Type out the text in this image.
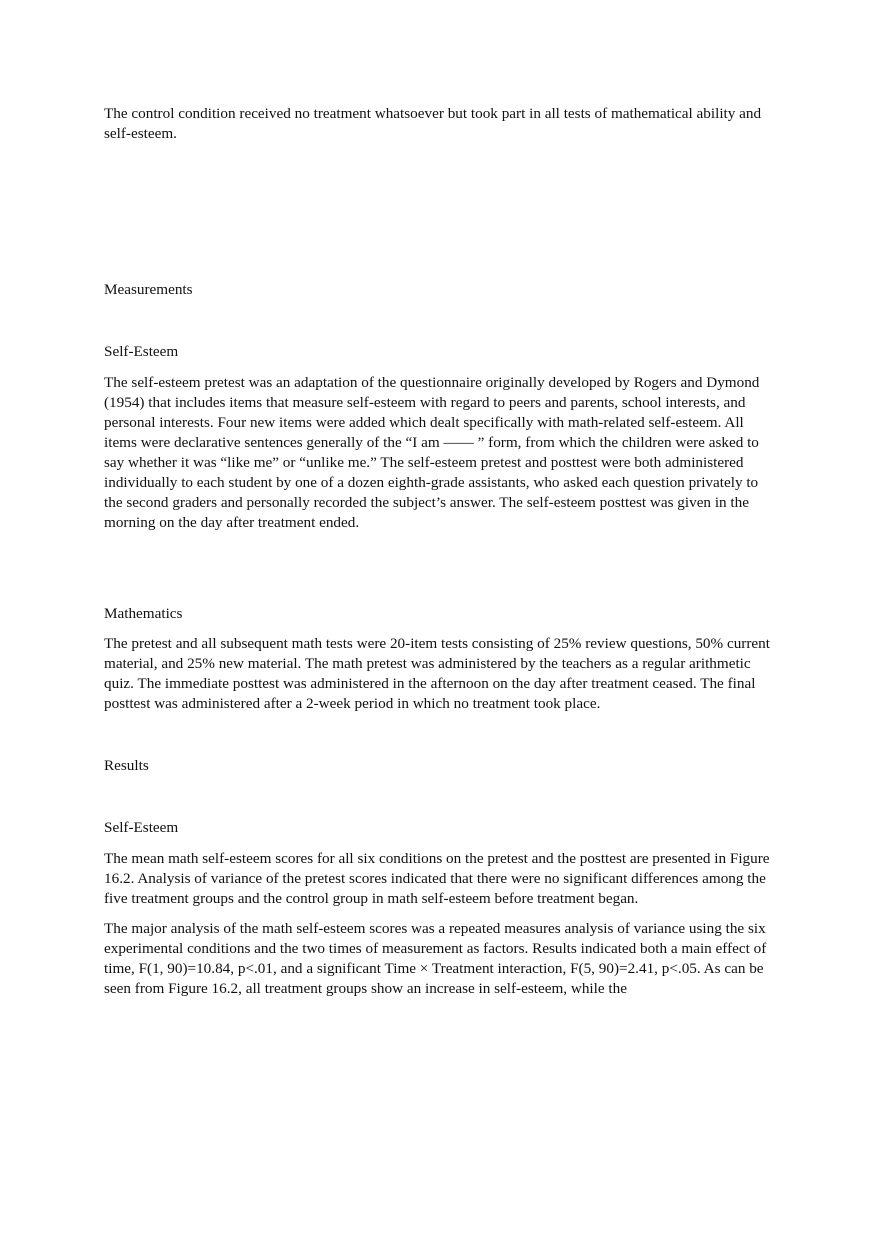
The control condition received no treatment whatsoever but took part in all tests of mathematical ability and self-esteem.

Measurements
Self-Esteem

The self-esteem pretest was an adaptation of the questionnaire originally developed by Rogers and Dymond (1954) that includes items that measure self-esteem with regard to peers and parents, school interests, and personal interests. Four new items were added which dealt specifically with math-related self-esteem. All items were declarative sentences generally of the “I am —— ” form, from which the children were asked to say whether it was “like me” or “unlike me.” The self-esteem pretest and posttest were both administered individually to each student by one of a dozen eighth-grade assistants, who asked each question privately to the second graders and personally recorded the subject’s answer. The self-esteem posttest was given in the morning on the day after treatment ended.

Mathematics

The pretest and all subsequent math tests were 20-item tests consisting of 25% review questions, 50% current material, and 25% new material. The math pretest was administered by the teachers as a regular arithmetic quiz. The immediate posttest was administered in the afternoon on the day after treatment ceased. The final posttest was administered after a 2-week period in which no treatment took place.

Results
Self-Esteem

The mean math self-esteem scores for all six conditions on the pretest and the posttest are presented in Figure 16.2. Analysis of variance of the pretest scores indicated that there were no significant differences among the five treatment groups and the control group in math self-esteem before treatment began.

The major analysis of the math self-esteem scores was a repeated measures analysis of variance using the six experimental conditions and the two times of measurement as factors. Results indicated both a main effect of time, F(1, 90)=10.84, p<.01, and a significant Time × Treatment interaction, F(5, 90)=2.41, p<.05. As can be seen from Figure 16.2, all treatment groups show an increase in self-esteem, while the
